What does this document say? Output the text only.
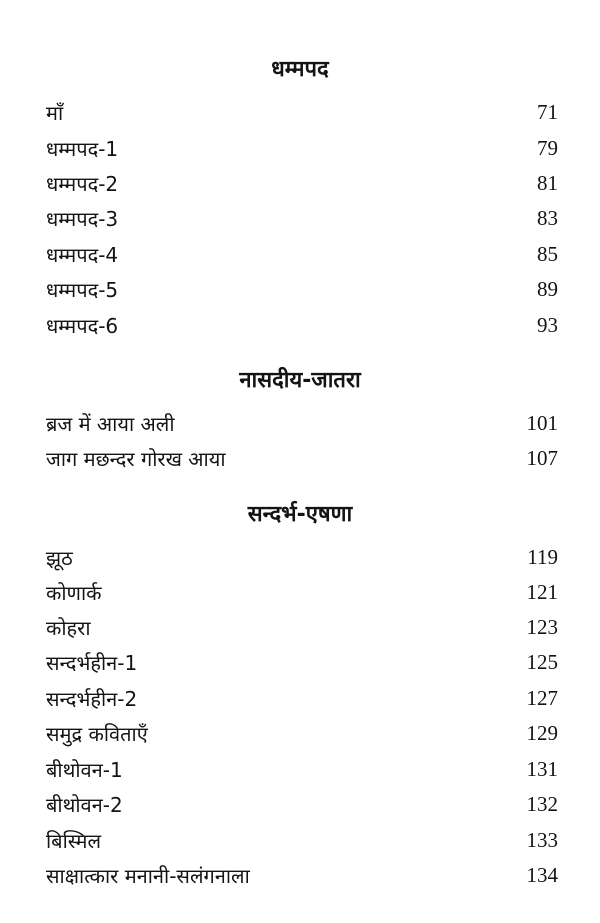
धम्मपद
माँ	71
धम्मपद-1	79
धम्मपद-2	81
धम्मपद-3	83
धम्मपद-4	85
धम्मपद-5	89
धम्मपद-6	93
नासदीय-जातरा
ब्रज में आया अली	101
जाग मछन्दर गोरख आया	107
सन्दर्भ-एषणा
झूठ	119
कोणार्क	121
कोहरा	123
सन्दर्भहीन-1	125
सन्दर्भहीन-2	127
समुद्र कविताएँ	129
बीथोवन-1	131
बीथोवन-2	132
बिस्मिल	133
साक्षात्कार मनानी-सलंगनाला	134
